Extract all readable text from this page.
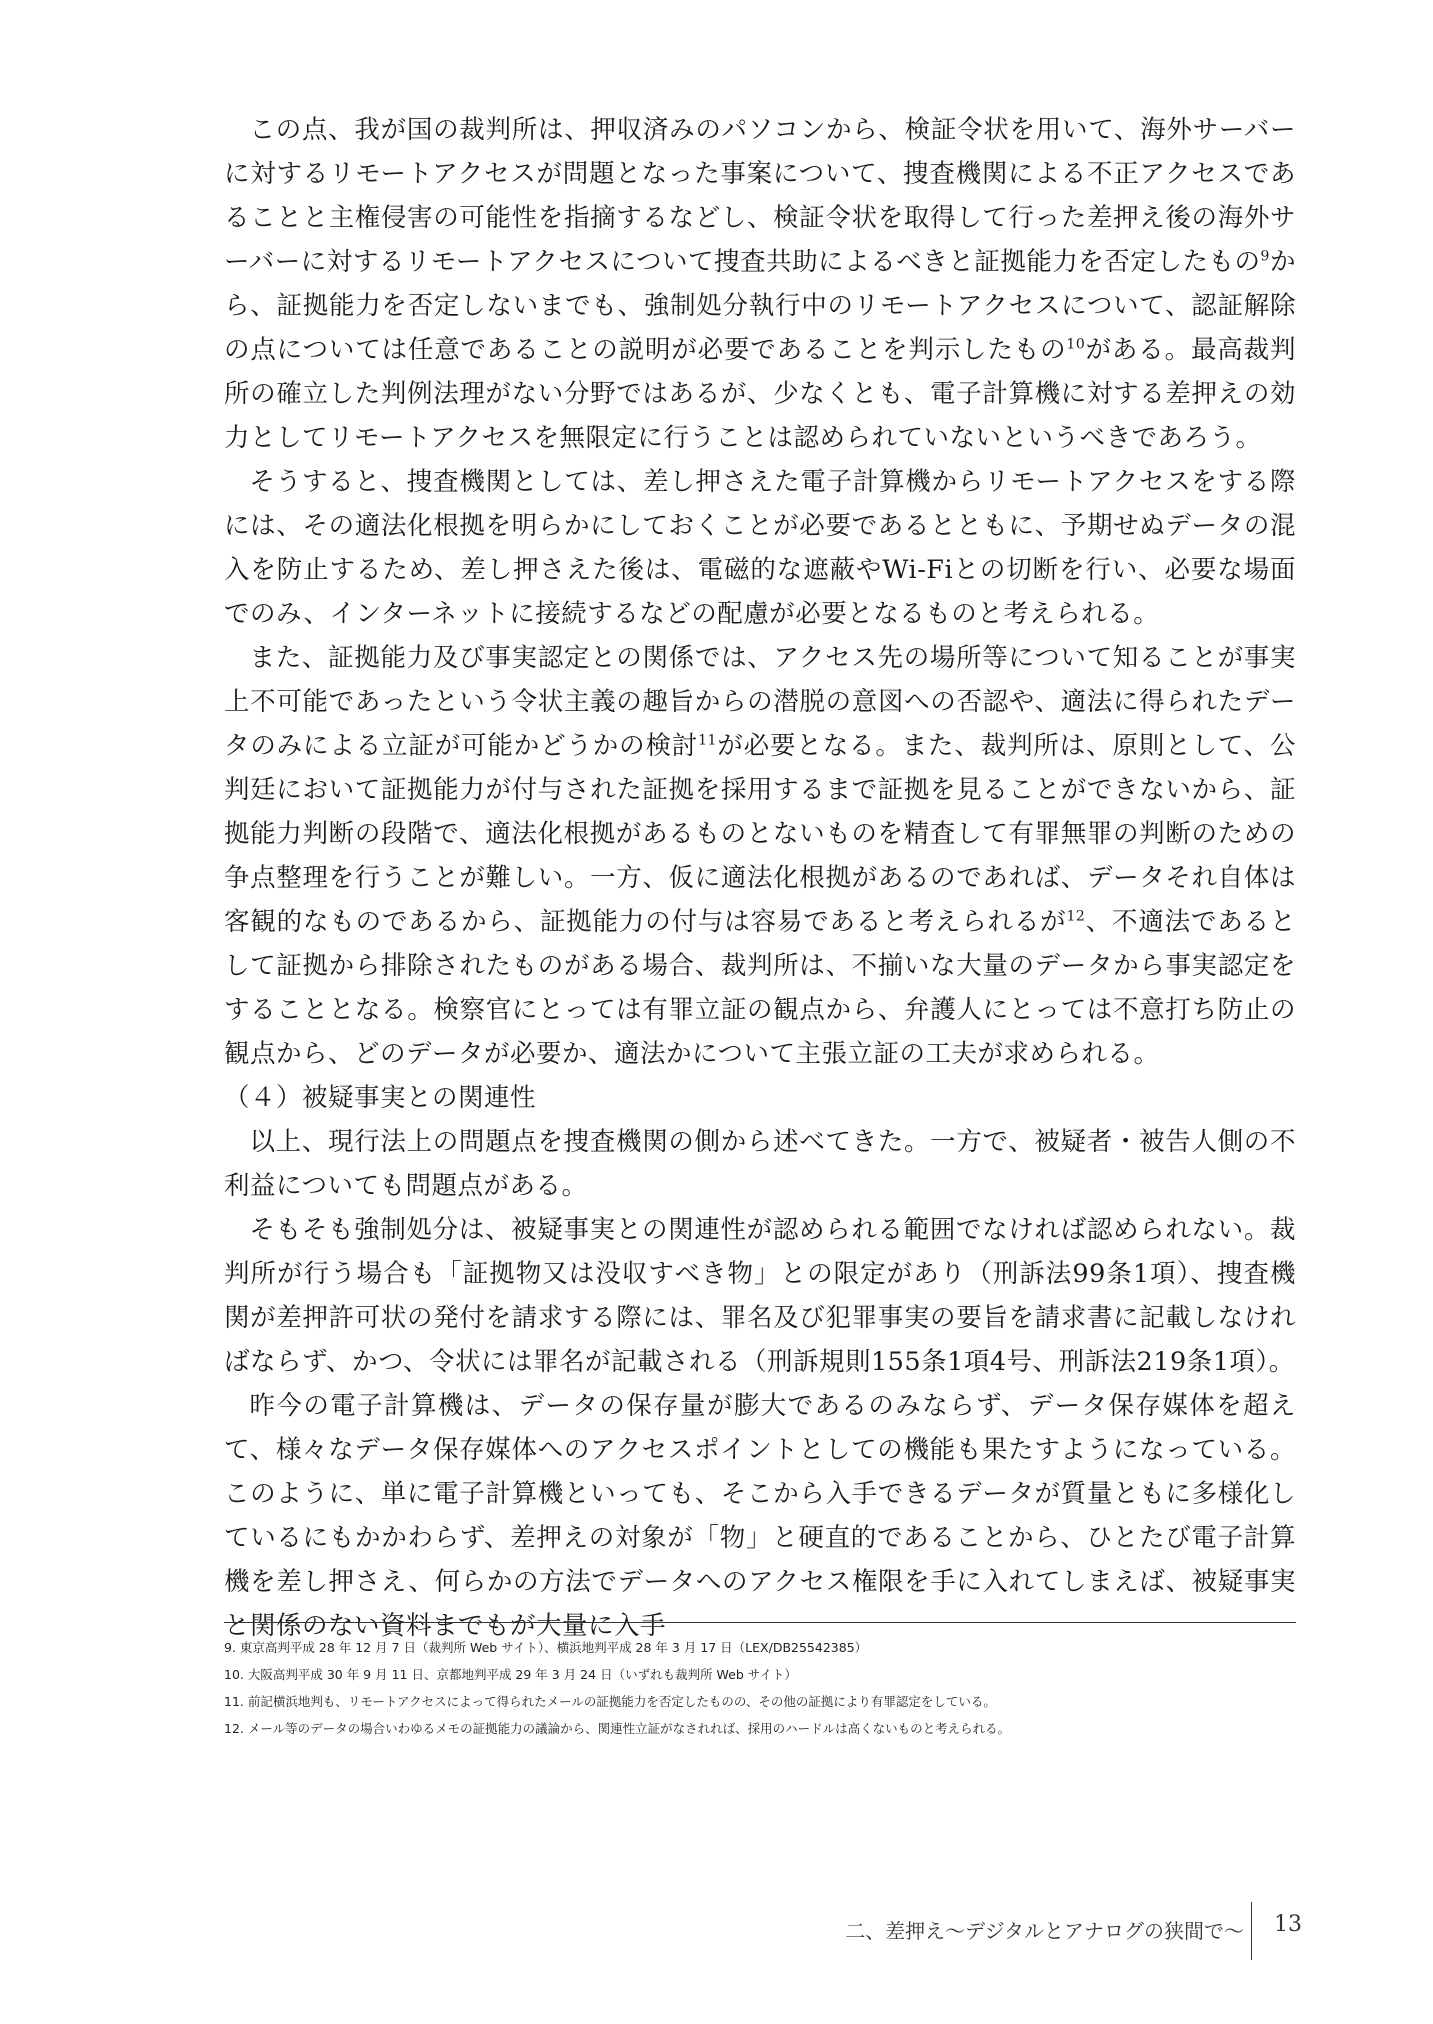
この点、我が国の裁判所は、押収済みのパソコンから、検証令状を用いて、海外サーバーに対するリモートアクセスが問題となった事案について、捜査機関による不正アクセスであることと主権侵害の可能性を指摘するなどし、検証令状を取得して行った差押え後の海外サーバーに対するリモートアクセスについて捜査共助によるべきと証拠能力を否定したもの$^9$から、証拠能力を否定しないまでも、強制処分執行中のリモートアクセスについて、認証解除の点については任意であることの説明が必要であることを判示したもの$^{10}$がある。最高裁判所の確立した判例法理がない分野ではあるが、少なくとも、電子計算機に対する差押えの効力としてリモートアクセスを無限定に行うことは認められていないというべきであろう。

そうすると、捜査機関としては、差し押さえた電子計算機からリモートアクセスをする際には、その適法化根拠を明らかにしておくことが必要であるとともに、予期せぬデータの混入を防止するため、差し押さえた後は、電磁的な遮蔽やWi-Fiとの切断を行い、必要な場面でのみ、インターネットに接続するなどの配慮が必要となるものと考えられる。

また、証拠能力及び事実認定との関係では、アクセス先の場所等について知ることが事実上不可能であったという令状主義の趣旨からの潜脱の意図への否認や、適法に得られたデータのみによる立証が可能かどうかの検討$^{11}$が必要となる。また、裁判所は、原則として、公判廷において証拠能力が付与された証拠を採用するまで証拠を見ることができないから、証拠能力判断の段階で、適法化根拠があるものとないものを精査して有罪無罪の判断のための争点整理を行うことが難しい。一方、仮に適法化根拠があるのであれば、データそれ自体は客観的なものであるから、証拠能力の付与は容易であると考えられるが$^{12}$、不適法であるとして証拠から排除されたものがある場合、裁判所は、不揃いな大量のデータから事実認定をすることとなる。検察官にとっては有罪立証の観点から、弁護人にとっては不意打ち防止の観点から、どのデータが必要か、適法かについて主張立証の工夫が求められる。

（４）被疑事実との関連性

以上、現行法上の問題点を捜査機関の側から述べてきた。一方で、被疑者・被告人側の不利益についても問題点がある。

そもそも強制処分は、被疑事実との関連性が認められる範囲でなければ認められない。裁判所が行う場合も「証拠物又は没収すべき物」との限定があり（刑訴法99条1項）、捜査機関が差押許可状の発付を請求する際には、罪名及び犯罪事実の要旨を請求書に記載しなければならず、かつ、令状には罪名が記載される（刑訴規則155条1項4号、刑訴法219条1項）。

昨今の電子計算機は、データの保存量が膨大であるのみならず、データ保存媒体を超えて、様々なデータ保存媒体へのアクセスポイントとしての機能も果たすようになっている。このように、単に電子計算機といっても、そこから入手できるデータが質量ともに多様化しているにもかかわらず、差押えの対象が「物」と硬直的であることから、ひとたび電子計算機を差し押さえ、何らかの方法でデータへのアクセス権限を手に入れてしまえば、被疑事実と関係のない資料までもが大量に入手

9. 東京高判平成 28 年 12 月 7 日（裁判所 Web サイト）、横浜地判平成 28 年 3 月 17 日（LEX/DB25542385）

10. 大阪高判平成 30 年 9 月 11 日、京都地判平成 29 年 3 月 24 日（いずれも裁判所 Web サイト）

11. 前記横浜地判も、リモートアクセスによって得られたメールの証拠能力を否定したものの、その他の証拠により有罪認定をしている。

12. メール等のデータの場合いわゆるメモの証拠能力の議論から、関連性立証がなされれば、採用のハードルは高くないものと考えられる。

二、差押え〜デジタルとアナログの狭間で〜	13
